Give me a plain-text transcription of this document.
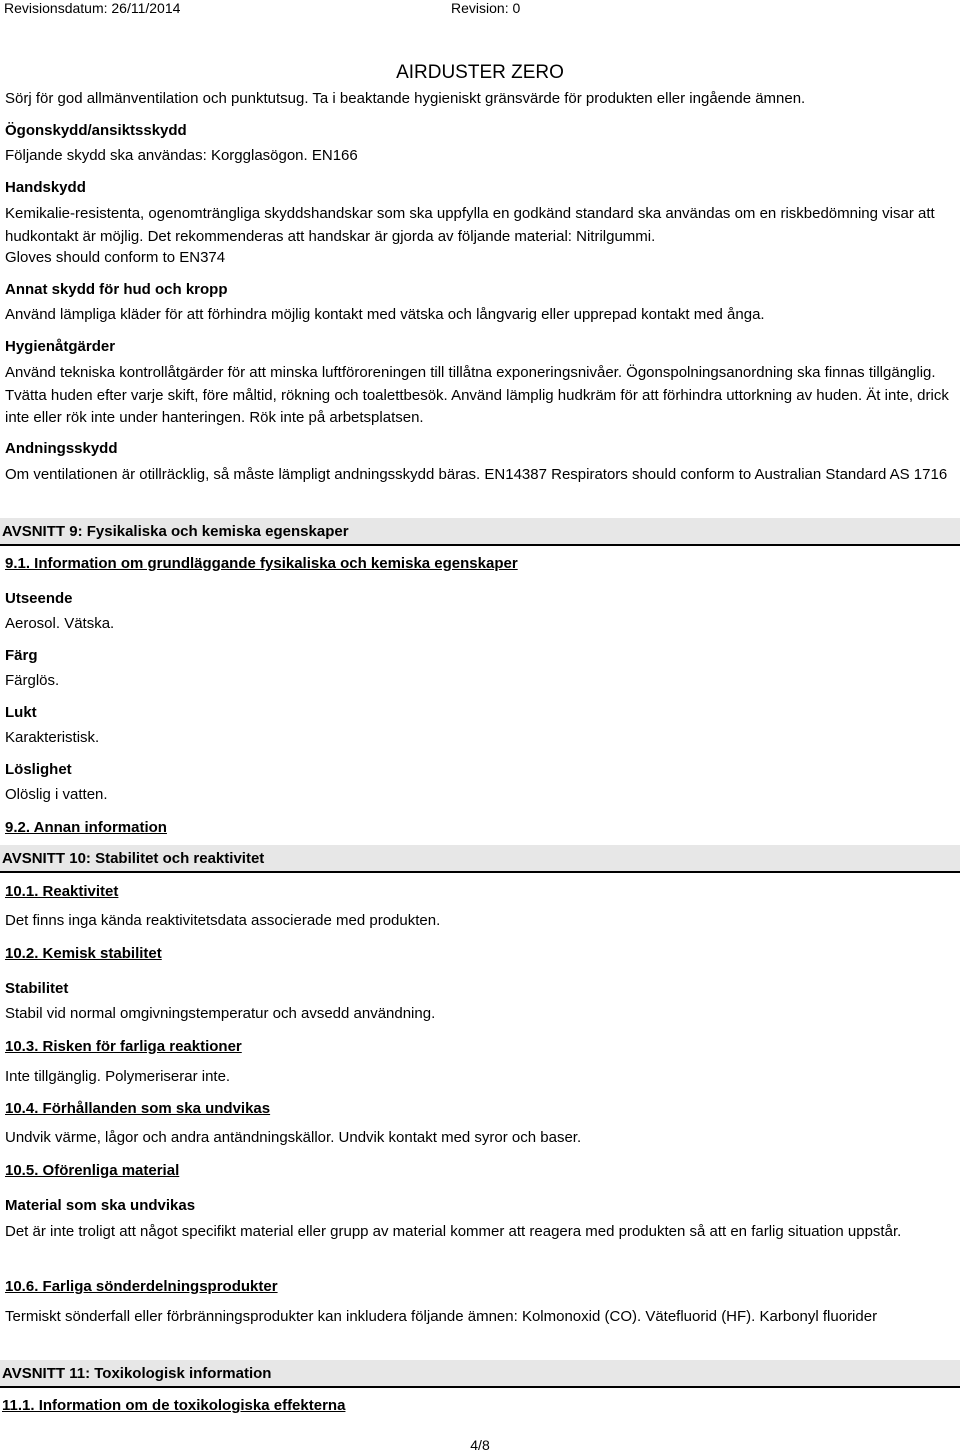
Revisionsdatum: 26/11/2014	Revision: 0
AIRDUSTER ZERO
Sörj för god allmänventilation och punktutsug. Ta i beaktande hygieniskt gränsvärde för produkten eller ingående ämnen.
Ögonskydd/ansiktsskydd
Följande skydd ska användas: Korgglasögon. EN166
Handskydd
Kemikalie-resistenta, ogenomträngliga skyddshandskar som ska uppfylla en godkänd standard ska användas om en riskbedömning visar att hudkontakt är möjlig. Det rekommenderas att handskar är gjorda av följande material: Nitrilgummi.
Gloves should conform to EN374
Annat skydd för hud och kropp
Använd lämpliga kläder för att förhindra möjlig kontakt med vätska och långvarig eller upprepad kontakt med ånga.
Hygienåtgärder
Använd tekniska kontrollåtgärder för att minska luftföroreningen till tillåtna exponeringsnivåer. Ögonspolningsanordning ska finnas tillgänglig. Tvätta huden efter varje skift, före måltid, rökning och toalettbesök. Använd lämplig hudkräm för att förhindra uttorkning av huden. Ät inte, drick inte eller rök inte under hanteringen. Rök inte på arbetsplatsen.
Andningsskydd
Om ventilationen är otillräcklig, så måste lämpligt andningsskydd bäras. EN14387 Respirators should conform to Australian Standard AS 1716
AVSNITT 9: Fysikaliska och kemiska egenskaper
9.1. Information om grundläggande fysikaliska och kemiska egenskaper
Utseende
Aerosol. Vätska.
Färg
Färglös.
Lukt
Karakteristisk.
Löslighet
Olöslig i vatten.
9.2. Annan information
AVSNITT 10: Stabilitet och reaktivitet
10.1. Reaktivitet
Det finns inga kända reaktivitetsdata associerade med produkten.
10.2. Kemisk stabilitet
Stabilitet
Stabil vid normal omgivningstemperatur och avsedd användning.
10.3. Risken för farliga reaktioner
Inte tillgänglig. Polymeriserar inte.
10.4. Förhållanden som ska undvikas
Undvik värme, lågor och andra antändningskällor. Undvik kontakt med syror och baser.
10.5. Oförenliga material
Material som ska undvikas
Det är inte troligt att något specifikt material eller grupp av material kommer att reagera med produkten så att en farlig situation uppstår.
10.6. Farliga sönderdelningsprodukter
Termiskt sönderfall eller förbränningsprodukter kan inkludera följande ämnen: Kolmonoxid (CO). Vätefluorid (HF). Karbonyl fluorider
AVSNITT 11: Toxikologisk information
11.1. Information om de toxikologiska effekterna
4/8
